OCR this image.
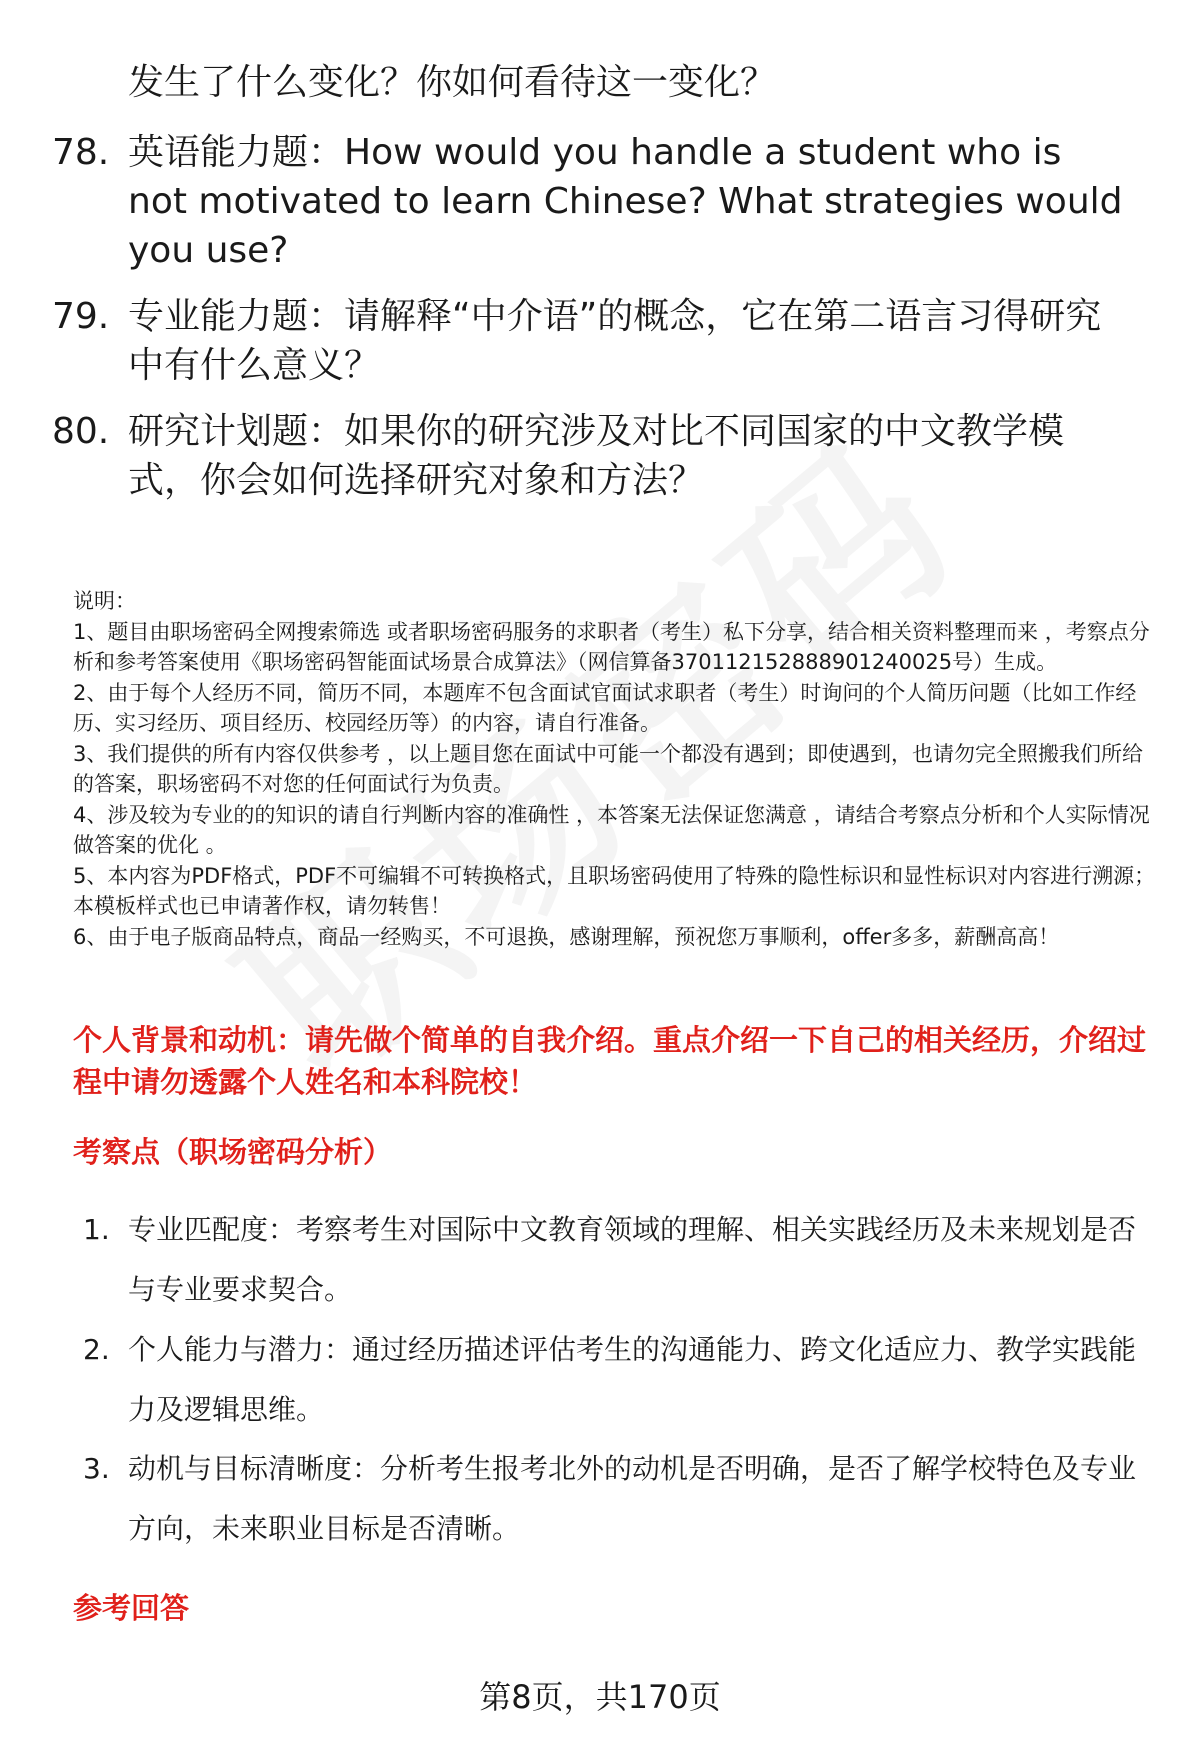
发生了什么变化？你如何看待这一变化？
78. 英语能力题：How would you handle a student who is not motivated to learn Chinese? What strategies would you use?
79. 专业能力题：请解释“中介语”的概念，它在第二语言习得研究中有什么意义？
80. 研究计划题：如果你的研究涉及对比不同国家的中文教学模式，你会如何选择研究对象和方法？

说明：

1、题目由职场密码全网搜索筛选 或者职场密码服务的求职者（考生）私下分享，结合相关资料整理而来 ，考察点分析和参考答案使用《职场密码智能面试场景合成算法》（网信算备370112152888901240025号）生成。

2、由于每个人经历不同，简历不同，本题库不包含面试官面试求职者（考生）时询问的个人简历问题（比如工作经历、实习经历、项目经历、校园经历等）的内容，请自行准备。

3、我们提供的所有内容仅供参考 ，以上题目您在面试中可能一个都没有遇到；即使遇到，也请勿完全照搬我们所给的答案，职场密码不对您的任何面试行为负责。

4、涉及较为专业的的知识的请自行判断内容的准确性 ，本答案无法保证您满意 ，请结合考察点分析和个人实际情况做答案的优化 。

5、本内容为PDF格式，PDF不可编辑不可转换格式，且职场密码使用了特殊的隐性标识和显性标识对内容进行溯源；本模板样式也已申请著作权，请勿转售！

6、由于电子版商品特点，商品一经购买，不可退换，感谢理解，预祝您万事顺利，offer多多，薪酬高高！

个人背景和动机：请先做个简单的自我介绍。重点介绍一下自己的相关经历，介绍过程中请勿透露个人姓名和本科院校！
考察点（职场密码分析）
1. 专业匹配度：考察考生对国际中文教育领域的理解、相关实践经历及未来规划是否与专业要求契合。
2. 个人能力与潜力：通过经历描述评估考生的沟通能力、跨文化适应力、教学实践能力及逻辑思维。
3. 动机与目标清晰度：分析考生报考北外的动机是否明确，是否了解学校特色及专业方向，未来职业目标是否清晰。
参考回答
第8页，共170页
